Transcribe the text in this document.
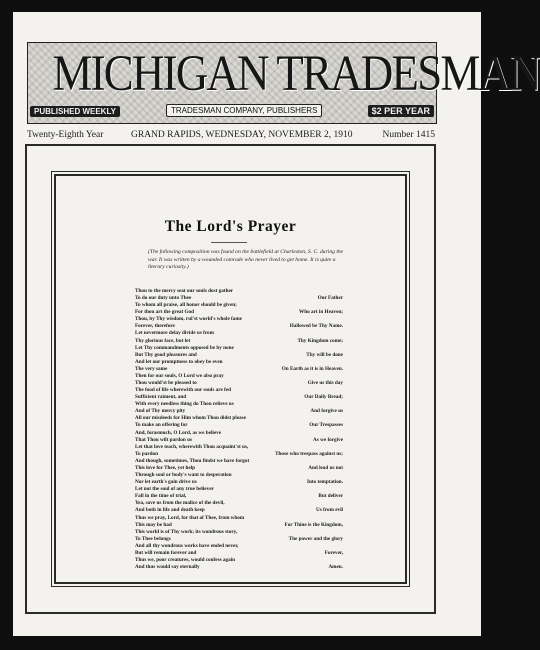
MICHIGAN TRADESMAN
PUBLISHED WEEKLY	TRADESMAN COMPANY, PUBLISHERS	$2 PER YEAR
Twenty-Eighth Year	GRAND RAPIDS, WEDNESDAY, NOVEMBER 2, 1910	Number 1415
The Lord's Prayer
(The following composition was found on the battlefield at Charleston, S. C. during the war. It was written by a wounded comrade who never lived to get home. It is quite a literary curiosity.)
Thou to the mercy seat our souls dost gather
To do our duty unto Thee	Our Father
To whom all praise, all honor should be given;
For thou art the great God	Who art in Heaven;
Thou, by Thy wisdom, rul'st world's whole fame
Forever, therefore	Hallowed be Thy Name.
Let nevermore delay divide us from
Thy glorious face, but let	Thy Kingdom come;
Let Thy commandments opposed be by none
But Thy good pleasures and	Thy will be done
And let our promptness to obey be even
The very same	On Earth as it is in Heaven.
Then for our souls, O Lord we also pray
Thou would'st be pleased to	Give us this day
The food of life wherewith our souls are fed
Sufficient raiment, and	Our Daily Bread;
With every needless thing do Thou relieve us
And of Thy mercy pity	And forgive us
All our misdeeds for Him whom Thou didst please
To make an offering for	Our Trespasses
And, forasmuch, O Lord, as we believe
That Thou wilt pardon us	As we forgive
Let that love teach, wherewith Thou acquaint'st us,
To pardon	Those who trespass against us;
And though, sometimes, Thou findst we have forgot
This love for Thee, yet help	And lead us not
Through soul or body's want to desperation
Nor let earth's gain drive us	Into temptation.
Let not the soul of any true believer
Fall in the time of trial,	But deliver
Yea, save us from the malice of the devil,
And both in life and death keep	Us from evil
Thus we pray, Lord, for that of Thee, from whom
This may be had	For Thine is the Kingdom,
This world is of Thy work; its wondrous story,
To Thee belongs	The power and the glory
And all thy wondrous works have ended never,
But will remain forever and	Forever,
Thus we, poor creatures, would confess again
And thus would say eternally	Amen.
